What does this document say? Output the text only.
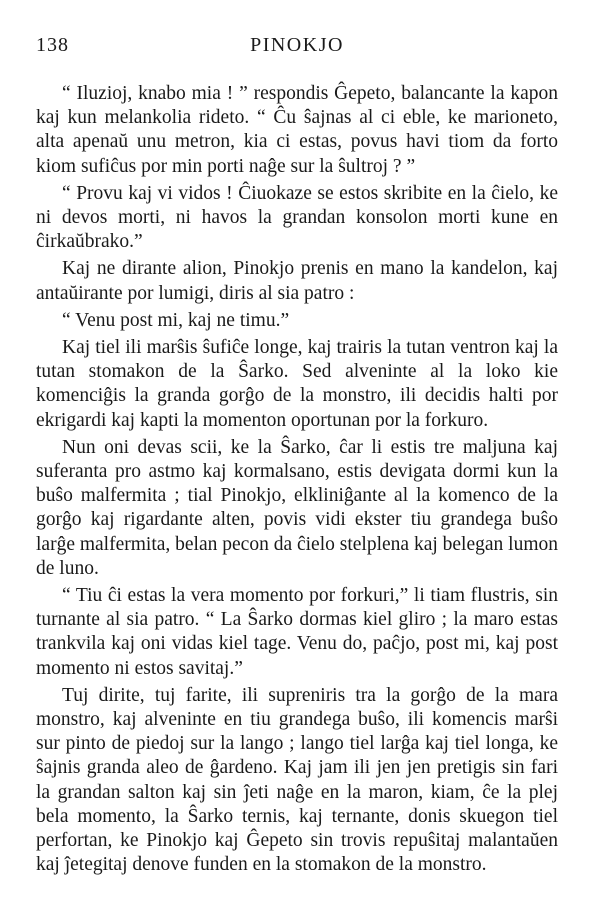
138	PINOKJO

“ Iluzioj, knabo mia ! ” respondis Ĝepeto, balancante la kapon kaj kun melankolia rideto. “ Ĉu ŝajnas al ci eble, ke marioneto, alta apenaŭ unu metron, kia ci estas, povus havi tiom da forto kiom sufiĉus por min porti naĝe sur la ŝultroj ? ”

“ Provu kaj vi vidos ! Ĉiuokaze se estos skribite en la ĉielo, ke ni devos morti, ni havos la grandan konsolon morti kune en ĉirkaŭbrako.”

Kaj ne dirante alion, Pinokjo prenis en mano la kandelon, kaj antaŭirante por lumigi, diris al sia patro :

“ Venu post mi, kaj ne timu.”

Kaj tiel ili marŝis ŝufiĉe longe, kaj trairis la tutan ventron kaj la tutan stomakon de la Ŝarko. Sed alveninte al la loko kie komenciĝis la granda gorĝo de la monstro, ili decidis halti por ekrigardi kaj kapti la momenton oportunan por la forkuro.

Nun oni devas scii, ke la Ŝarko, ĉar li estis tre maljuna kaj suferanta pro astmo kaj kormalsano, estis devigata dormi kun la buŝo malfermita ; tial Pinokjo, elkliniĝante al la komenco de la gorĝo kaj rigardante alten, povis vidi ekster tiu grandega buŝo larĝe malfermita, belan pecon da ĉielo stelplena kaj belegan lumon de luno.

“ Tiu ĉi estas la vera momento por forkuri,” li tiam flustris, sin turnante al sia patro. “ La Ŝarko dormas kiel gliro ; la maro estas trankvila kaj oni vidas kiel tage. Venu do, paĉjo, post mi, kaj post momento ni estos savitaj.”

Tuj dirite, tuj farite, ili supreniris tra la gorĝo de la mara monstro, kaj alveninte en tiu grandega buŝo, ili komencis marŝi sur pinto de piedoj sur la lango ; lango tiel larĝa kaj tiel longa, ke ŝajnis granda aleo de ĝardeno. Kaj jam ili jen jen pretigis sin fari la grandan salton kaj sin ĵeti naĝe en la maron, kiam, ĉe la plej bela momento, la Ŝarko ternis, kaj ternante, donis skuegon tiel perfortan, ke Pinokjo kaj Ĝepeto sin trovis repuŝitaj malantaŭen kaj ĵetegitaj denove funden en la stomakon de la monstro.
